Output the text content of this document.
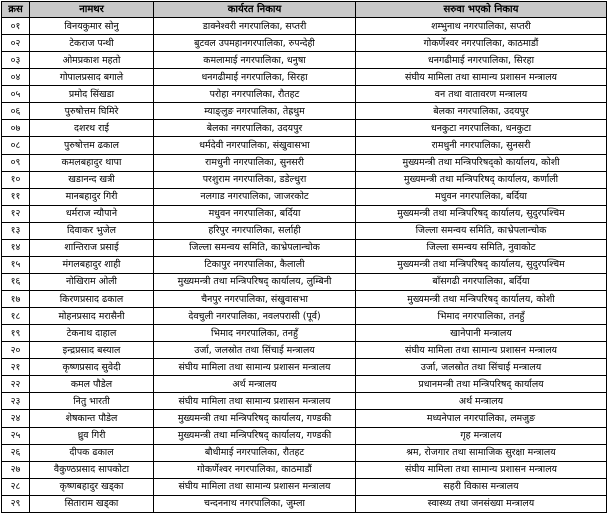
क्रस	नामथर	कार्यरत निकाय	सरुवा भएको निकाय
०१	विनयकुमार सोनु	डाक्नेश्वरी नगरपालिका, सप्तरी	शम्भुनाथ नगरपालिका, सप्तरी
०२	टेकराज पन्थी	बुटवल उपमहानगरपालिका, रुपन्देही	गोकर्णेश्वर नगरपालिका, काठमाडौं
०३	ओमप्रकाश महतो	कमलामाई नगरपालिका, धनुषा	धनगढीमाई नगरपालिका, सिरहा
०४	गोपालप्रसाद बगाले	धनगढीमाई नगरपालिका, सिरहा	संघीय मामिला तथा सामान्य प्रशासन मन्त्रालय
०५	प्रमोद सिंखडा	परोहा नगरपालिका, रौतहट	वन तथा वातावरण मन्त्रालय
०६	पुरुषोत्तम घिमिरे	म्याङ्लुङ नगरपालिका, तेह्रथुम	बेलका नगरपालिका, उदयपुर
०७	दशरथ राई	बेलका नगरपालिका, उदयपुर	धनकुटा नगरपालिका, धनकुटा
०८	पुरुषोत्तम ढकाल	धर्मदेवी नगरपालिका, संखुवासभा	रामधुनी नगरपालिका, सुनसरी
०९	कमलबहादुर थापा	रामधुनी नगरपालिका, सुनसरी	मुख्यमन्त्री तथा मन्त्रिपरिषद्को कार्यालय, कोशी
१०	खडानन्द खत्री	परशुराम नगरपालिका, डडेल्धुरा	मुख्यमन्त्री तथा मन्त्रिपरिषद् कार्यालय, कर्णाली
११	मानबहादुर गिरी	नलगाड नगरपालिका, जाजरकोट	मधुवन नगरपालिका, बर्दिया
१२	धर्मराज न्यौपाने	मधुवन नगरपालिका, बर्दिया	मुख्यमन्त्री तथा मन्त्रिपरिषद् कार्यालय, सुदुरपश्चिम
१३	दिवाकर भुजेल	हरिपुर नगरपालिका, सर्लाही	जिल्ला समन्वय समिति, काभ्रेपलान्चोक
१४	शान्तिराज प्रसाई	जिल्ला समन्वय समिति, काभ्रेपलान्चोक	जिल्ला समन्वय समिति, नुवाकोट
१५	मंगलबहादुर शाही	टिकापुर नगरपालिका, कैलाली	मुख्यमन्त्री तथा मन्त्रिपरिषद् कार्यालय, सुदुरपश्चिम
१६	नोखिराम ओली	मुख्यमन्त्री तथा मन्त्रिपरिषद् कार्यालय, लुम्बिनी	बाँसगढी नगरपालिका, बर्दिया
१७	किरणप्रसाद ढकाल	चैनपुर नगरपालिका, संखुवासभा	मुख्यमन्त्री तथा मन्त्रिपरिषद् कार्यालय, कोशी
१८	मोहनप्रसाद मरासैनी	देवचुली नगरपालिका, नवलपरासी (पूर्व)	भिमाद नगरपालिका, तनहुँ
१९	टेकनाथ दाहाल	भिमाद नगरपालिका, तनहुँ	खानेपानी मन्त्रालय
२०	इन्द्रप्रसाद बस्याल	उर्जा, जलस्रोत तथा सिंचाई मन्त्रालय	संघीय मामिला तथा सामान्य प्रशासन मन्त्रालय
२१	कृष्णप्रसाद सुवेदी	संघीय मामिला तथा सामान्य प्रशासन मन्त्रालय	उर्जा, जलस्रोत तथा सिंचाई मन्त्रालय
२२	कमल पौडेल	अर्थ मन्त्रालय	प्रधानमन्त्री तथा मन्त्रिपरिषद् कार्यालय
२३	नितु भारती	संघीय मामिला तथा सामान्य प्रशासन मन्त्रालय	अर्थ मन्त्रालय
२४	शेषकान्त पौडेल	मुख्यमन्त्री तथा मन्त्रिपरिषद् कार्यालय, गण्डकी	मध्यनेपाल नगरपालिका, लमजुङ
२५	ध्रुव गिरी	मुख्यमन्त्री तथा मन्त्रिपरिषद् कार्यालय, गण्डकी	गृह मन्त्रालय
२६	दीपक ढकाल	बौधीमाई नगरपालिका, रौतहट	श्रम, रोजगार तथा सामाजिक सुरक्षा मन्त्रालय
२७	वैकुण्ठप्रसाद सापकोटा	गोकर्णेश्वर नगरपालिका, काठमाडौं	संघीय मामिला तथा सामान्य प्रशासन मन्त्रालय
२८	कृष्णबहादुर खड्का	संघीय मामिला तथा सामान्य प्रशासन मन्त्रालय	सहरी विकास मन्त्रालय
२९	सिताराम खड्का	चन्दननाथ नगरपालिका, जुम्ला	स्वास्थ्य तथा जनसंख्या मन्त्रालय
